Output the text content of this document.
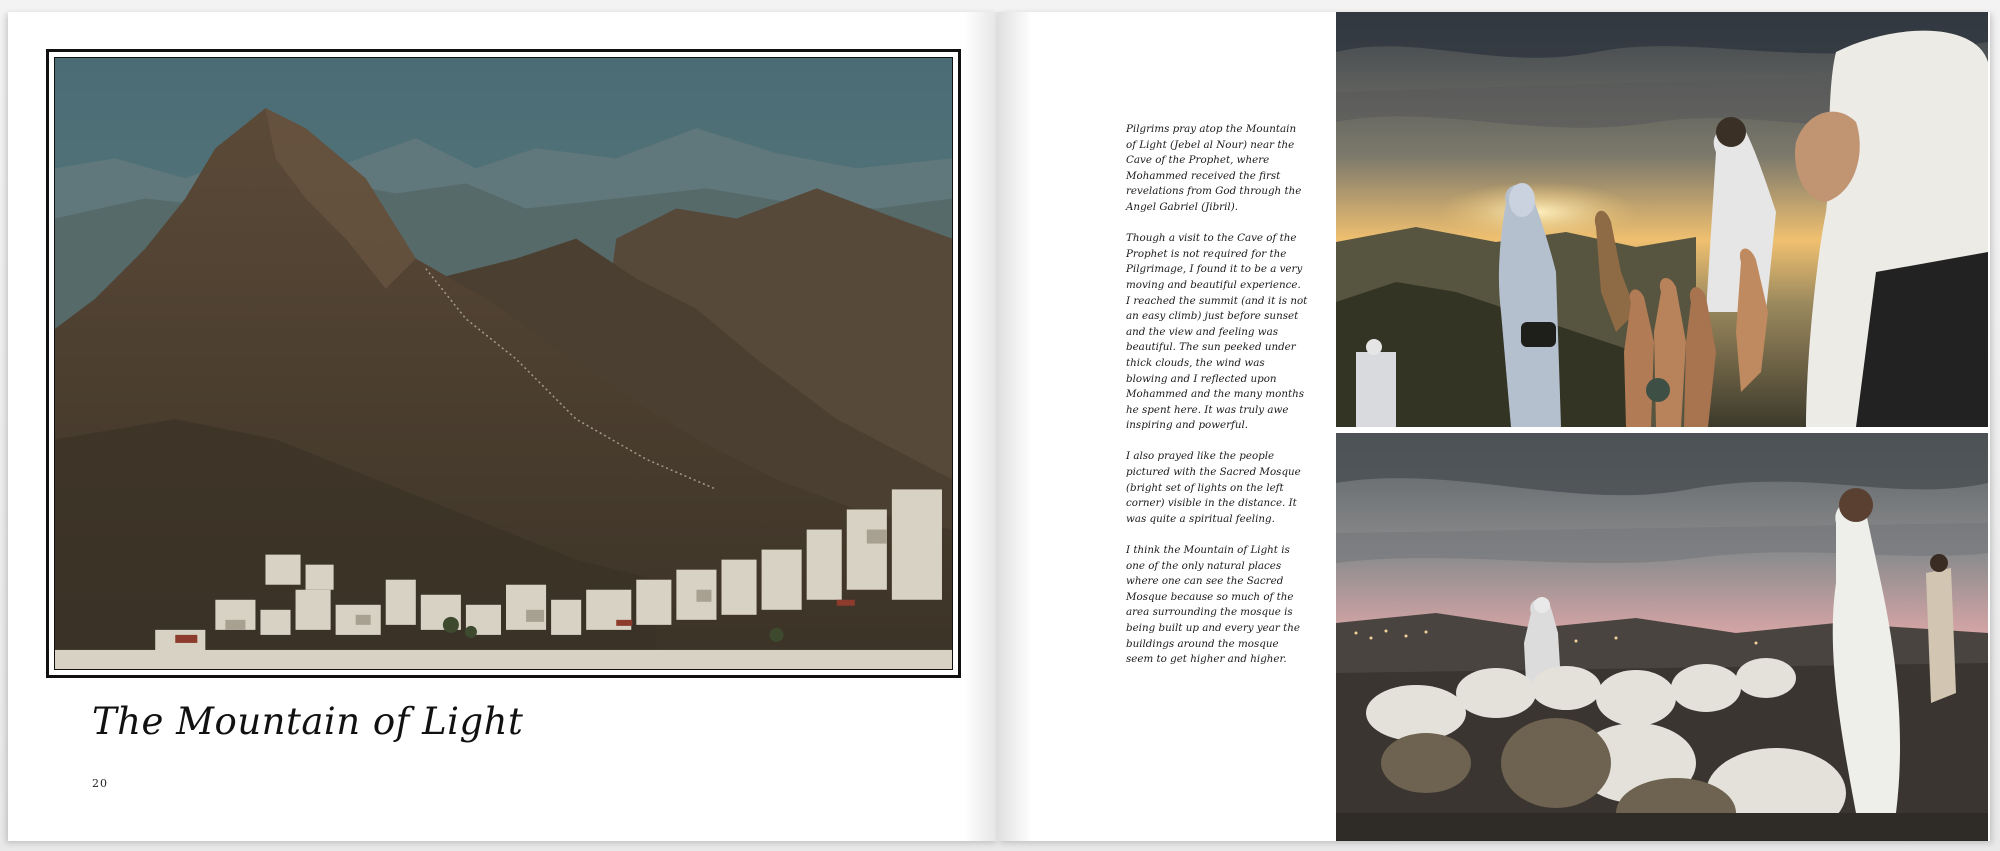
The Mountain of Light
20

Pilgrims pray atop the Mountain of Light (Jebel al Nour) near the Cave of the Prophet, where Mohammed received the first revelations from God through the Angel Gabriel (Jibril).

Though a visit to the Cave of the Prophet is not required for the Pilgrimage, I found it to be a very moving and beautiful experience. I reached the summit (and it is not an easy climb) just before sunset and the view and feeling was beautiful. The sun peeked under thick clouds, the wind was blowing and I reflected upon Mohammed and the many months he spent here. It was truly awe inspiring and powerful.

I also prayed like the people pictured with the Sacred Mosque (bright set of lights on the left corner) visible in the distance. It was quite a spiritual feeling.

I think the Mountain of Light is one of the only natural places where one can see the Sacred Mosque because so much of the area surrounding the mosque is being built up and every year the buildings around the mosque seem to get higher and higher.
